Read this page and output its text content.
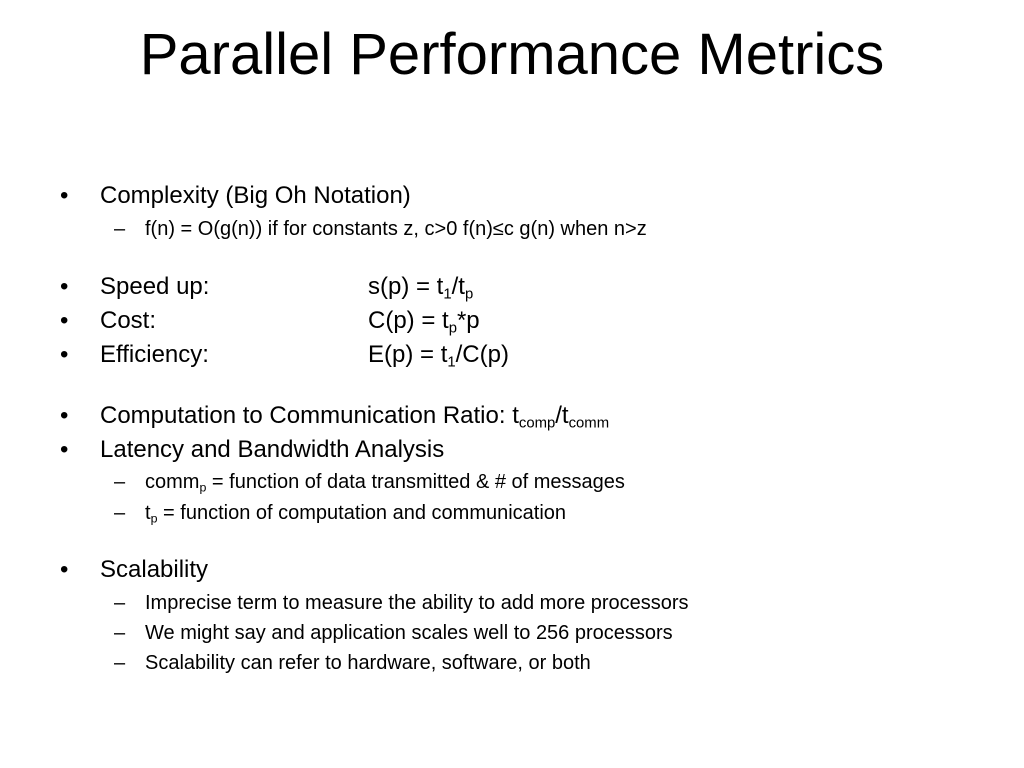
Parallel Performance Metrics
• Complexity (Big Oh Notation)
– f(n) = O(g(n)) if for constants z, c>0 f(n)≤c g(n) when n>z
• Speed up:	$s(p) = t_1/t_p$
• Cost:	$C(p) = t_p*p$
• Efficiency:	$E(p) = t_1/C(p)$
• Computation to Communication Ratio: $t_{comp}/t_{comm}$
• Latency and Bandwidth Analysis
– comm$_p$ = function of data transmitted & # of messages
– $t_p$ = function of computation and communication
• Scalability
– Imprecise term to measure the ability to add more processors
– We might say and application scales well to 256 processors
– Scalability can refer to hardware, software, or both
